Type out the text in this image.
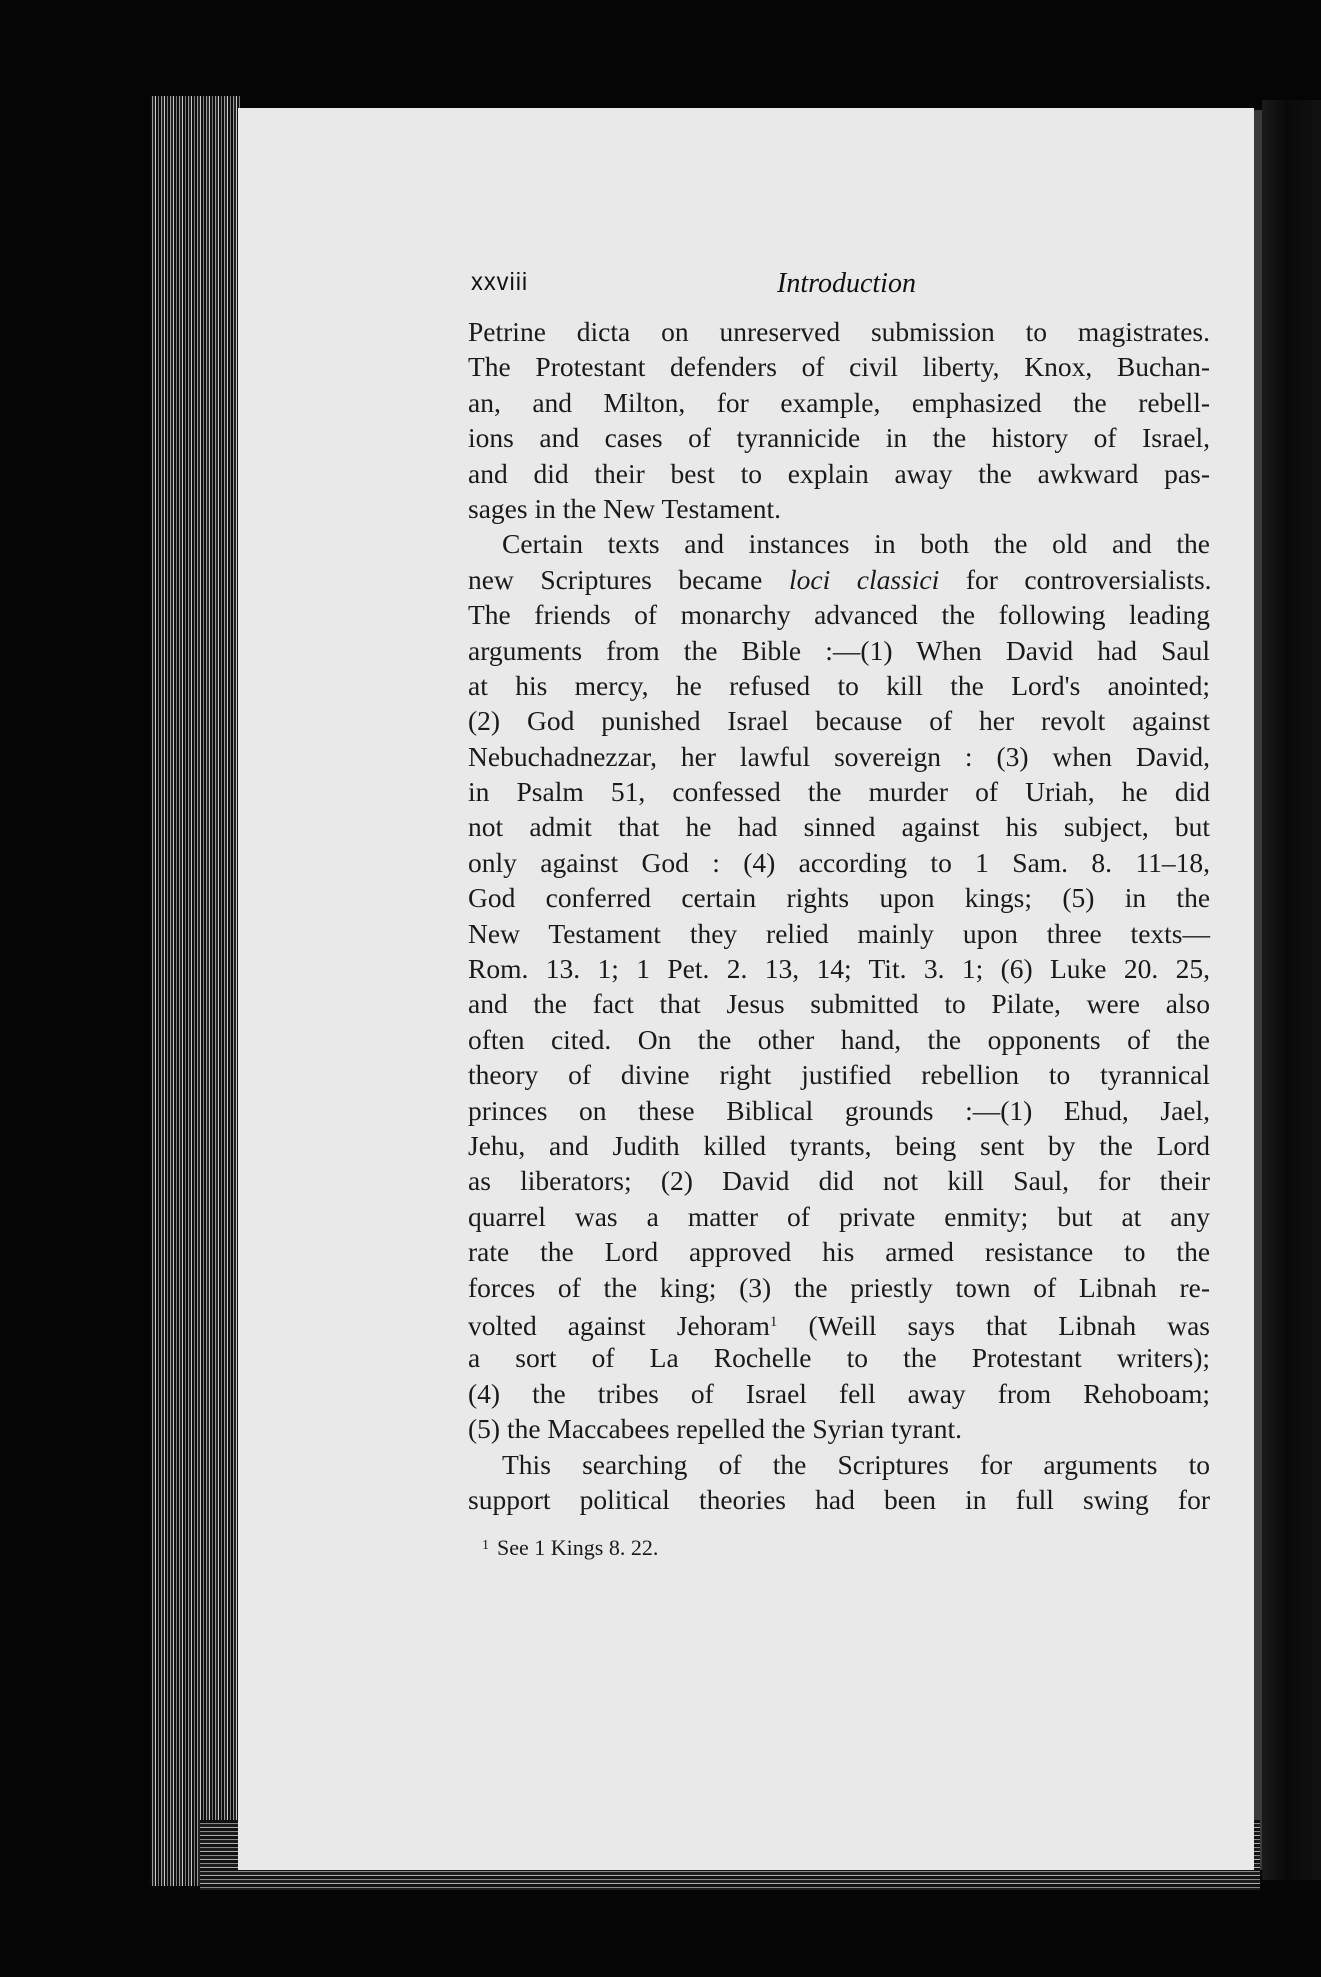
xxviii	Introduction
Petrine dicta on unreserved submission to magistrates.
The Protestant defenders of civil liberty, Knox, Buchan-
an, and Milton, for example, emphasized the rebell-
ions and cases of tyrannicide in the history of Israel,
and did their best to explain away the awkward pas-
sages in the New Testament.
Certain texts and instances in both the old and the
new Scriptures became loci classici for controversialists.
The friends of monarchy advanced the following leading
arguments from the Bible :—(1) When David had Saul
at his mercy, he refused to kill the Lord's anointed;
(2) God punished Israel because of her revolt against
Nebuchadnezzar, her lawful sovereign : (3) when David,
in Psalm 51, confessed the murder of Uriah, he did
not admit that he had sinned against his subject, but
only against God : (4) according to 1 Sam. 8. 11–18,
God conferred certain rights upon kings; (5) in the
New Testament they relied mainly upon three texts—
Rom. 13. 1; 1 Pet. 2. 13, 14; Tit. 3. 1; (6) Luke 20. 25,
and the fact that Jesus submitted to Pilate, were also
often cited. On the other hand, the opponents of the
theory of divine right justified rebellion to tyrannical
princes on these Biblical grounds :—(1) Ehud, Jael,
Jehu, and Judith killed tyrants, being sent by the Lord
as liberators; (2) David did not kill Saul, for their
quarrel was a matter of private enmity; but at any
rate the Lord approved his armed resistance to the
forces of the king; (3) the priestly town of Libnah re-
volted against Jehoram$^1$ (Weill says that Libnah was
a sort of La Rochelle to the Protestant writers);
(4) the tribes of Israel fell away from Rehoboam;
(5) the Maccabees repelled the Syrian tyrant.
This searching of the Scriptures for arguments to
support political theories had been in full swing for
$^1$ See 1 Kings 8. 22.
